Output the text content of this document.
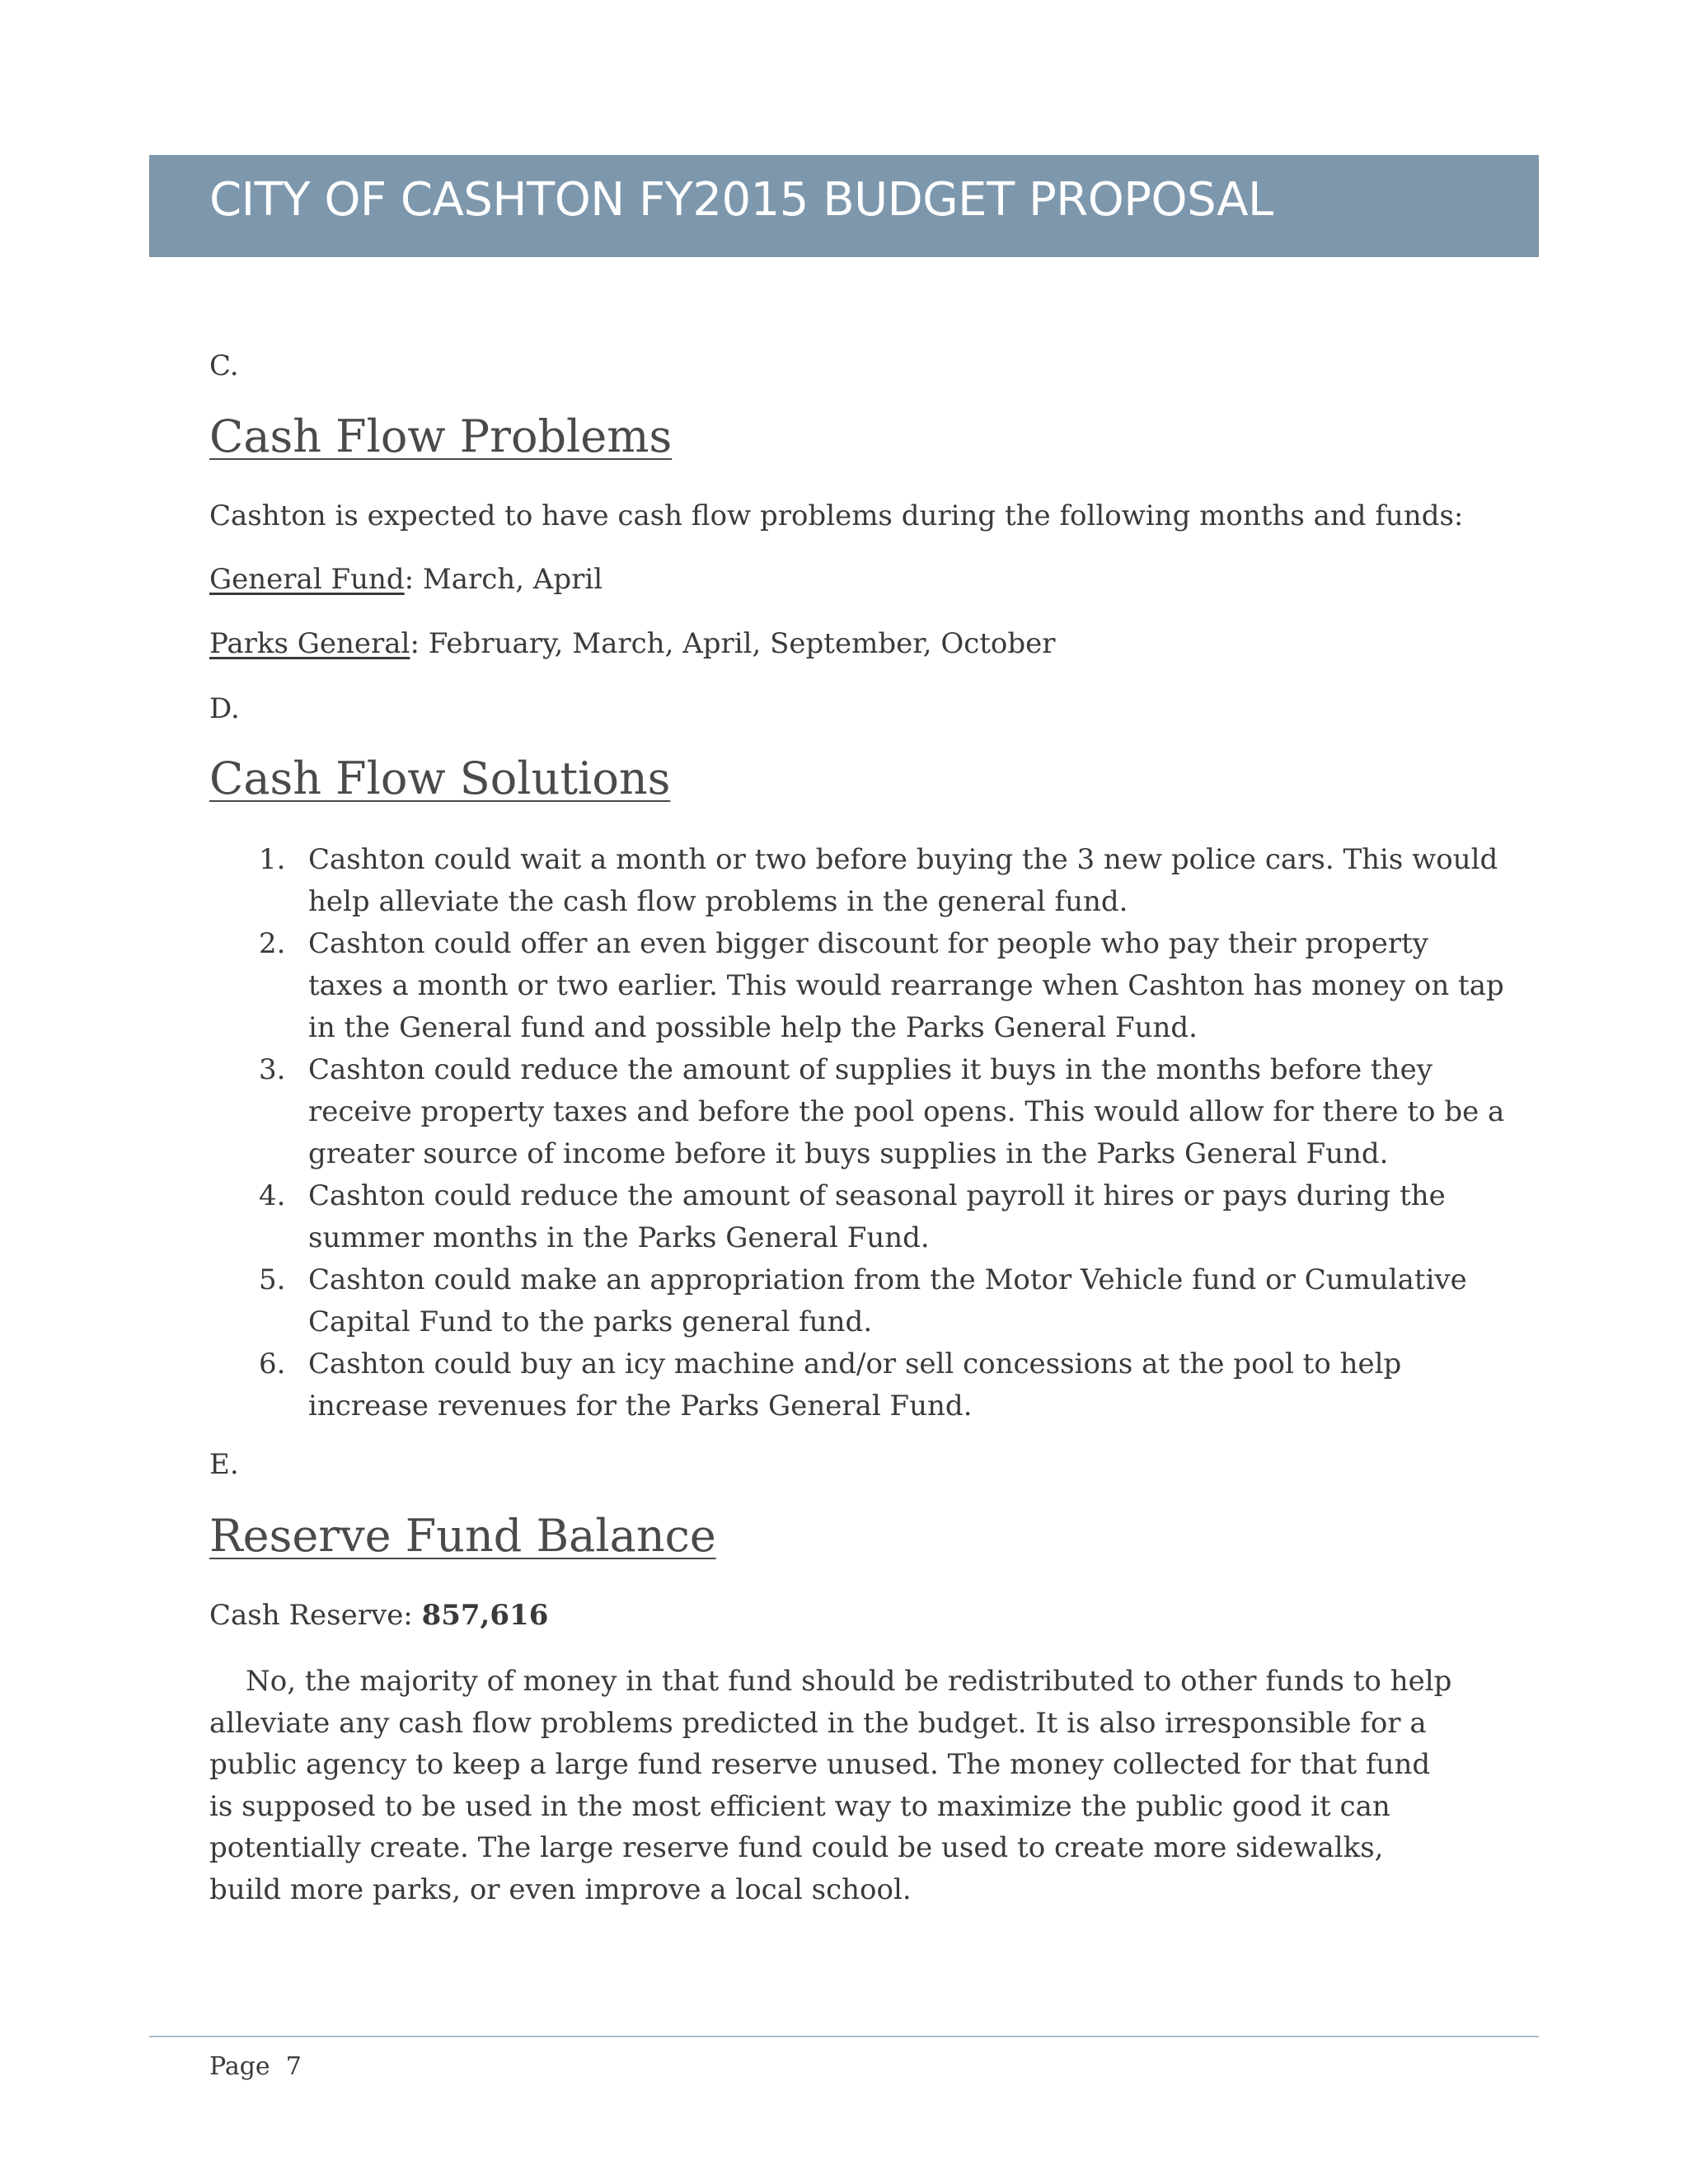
CITY OF CASHTON FY2015 BUDGET PROPOSAL

C.

Cash Flow Problems

Cashton is expected to have cash flow problems during the following months and funds:

General Fund: March, April

Parks General: February, March, April, September, October

D.

Cash Flow Solutions
1. Cashton could wait a month or two before buying the 3 new police cars. This would help alleviate the cash flow problems in the general fund.
2. Cashton could offer an even bigger discount for people who pay their property taxes a month or two earlier. This would rearrange when Cashton has money on tap in the General fund and possible help the Parks General Fund.
3. Cashton could reduce the amount of supplies it buys in the months before they receive property taxes and before the pool opens. This would allow for there to be a greater source of income before it buys supplies in the Parks General Fund.
4. Cashton could reduce the amount of seasonal payroll it hires or pays during the summer months in the Parks General Fund.
5. Cashton could make an appropriation from the Motor Vehicle fund or Cumulative Capital Fund to the parks general fund.
6. Cashton could buy an icy machine and/or sell concessions at the pool to help increase revenues for the Parks General Fund.

E.

Reserve Fund Balance

Cash Reserve: 857,616

No, the majority of money in that fund should be redistributed to other funds to help alleviate any cash flow problems predicted in the budget. It is also irresponsible for a public agency to keep a large fund reserve unused. The money collected for that fund is supposed to be used in the most efficient way to maximize the public good it can potentially create. The large reserve fund could be used to create more sidewalks, build more parks, or even improve a local school.

Page 7
